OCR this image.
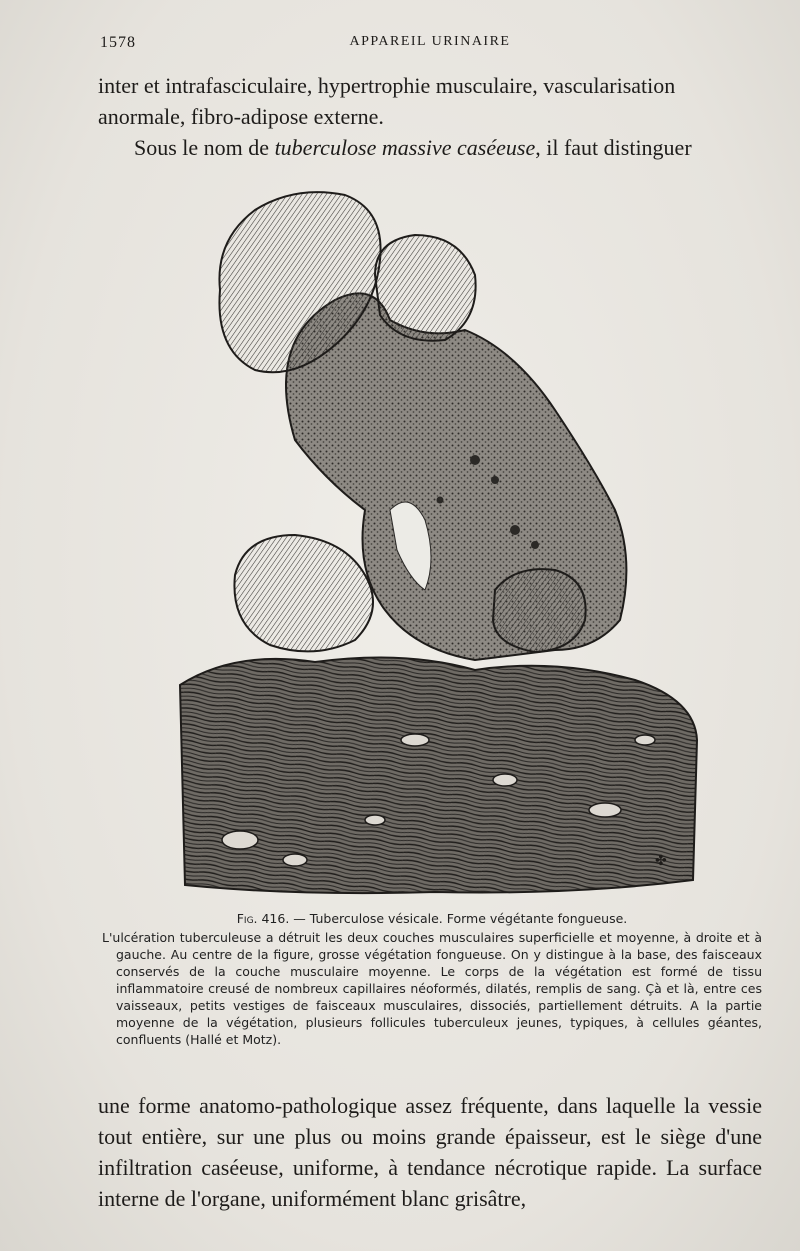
1578	APPAREIL URINAIRE
inter et intrafasciculaire, hypertrophie musculaire, vascularisation
anormale, fibro-adipose externe.
Sous le nom de tuberculose massive caséeuse, il faut distinguer
✤
Fig. 416. — Tuberculose vésicale. Forme végétante fongueuse.
L'ulcération tuberculeuse a détruit les deux couches musculaires superficielle et moyenne, à droite et à gauche. Au centre de la figure, grosse végétation fongueuse. On y distingue à la base, des faisceaux conservés de la couche musculaire moyenne. Le corps de la végétation est formé de tissu inflammatoire creusé de nombreux capillaires néoformés, dilatés, remplis de sang. Çà et là, entre ces vaisseaux, petits vestiges de faisceaux musculaires, dissociés, partiellement détruits. A la partie moyenne de la végétation, plusieurs follicules tuberculeux jeunes, typiques, à cellules géantes, confluents (Hallé et Motz).

une forme anatomo-pathologique assez fréquente, dans laquelle la vessie tout entière, sur une plus ou moins grande épaisseur, est le siège d'une infiltration caséeuse, uniforme, à tendance nécrotique rapide. La surface interne de l'organe, uniformément blanc grisâtre,
